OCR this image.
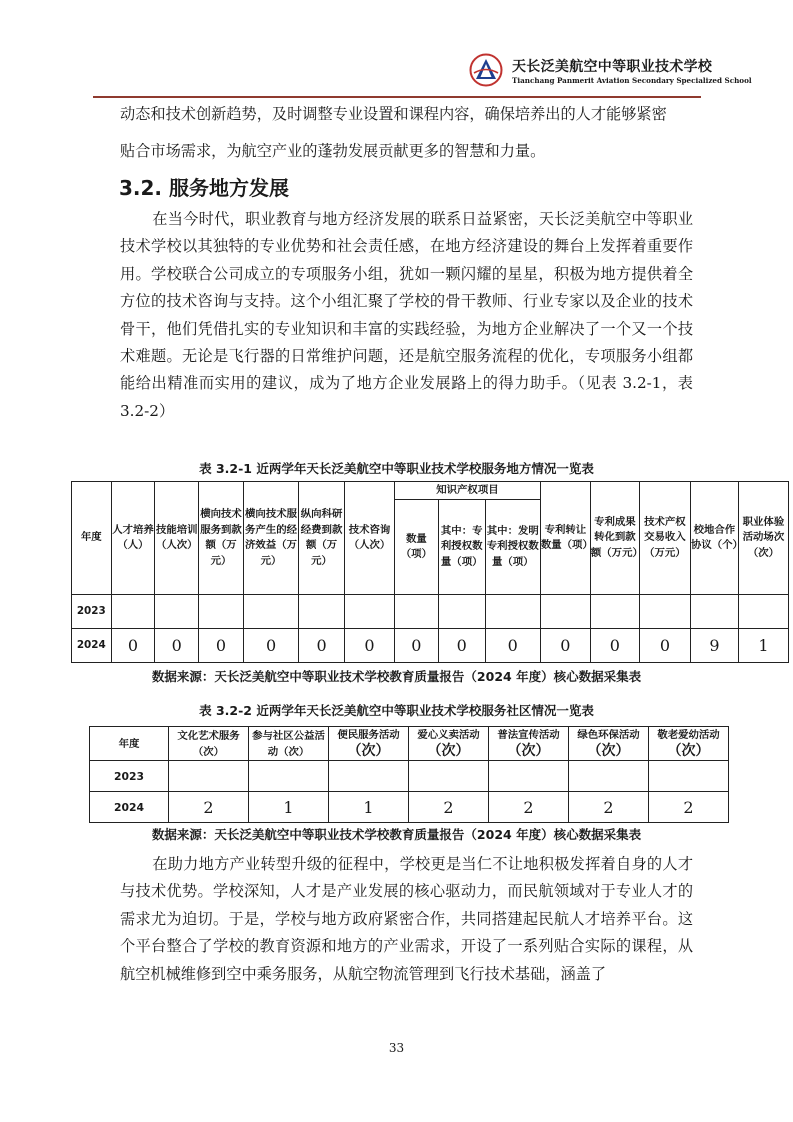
天长泛美航空中等职业技术学校
Tianchang Panmerit Aviation Secondary Specialized School

动态和技术创新趋势，及时调整专业设置和课程内容，确保培养出的人才能够紧密

贴合市场需求，为航空产业的蓬勃发展贡献更多的智慧和力量。

3.2. 服务地方发展

在当今时代，职业教育与地方经济发展的联系日益紧密，天长泛美航空中等职业技术学校以其独特的专业优势和社会责任感，在地方经济建设的舞台上发挥着重要作用。学校联合公司成立的专项服务小组，犹如一颗闪耀的星星，积极为地方提供着全方位的技术咨询与支持。这个小组汇聚了学校的骨干教师、行业专家以及企业的技术骨干，他们凭借扎实的专业知识和丰富的实践经验，为地方企业解决了一个又一个技术难题。无论是飞行器的日常维护问题，还是航空服务流程的优化，专项服务小组都能给出精准而实用的建议，成为了地方企业发展路上的得力助手。（见表 3.2-1，表 3.2-2）

表 3.2-1 近两学年天长泛美航空中等职业技术学校服务地方情况一览表
年度	人才培养（人）	技能培训（人次）	横向技术服务到款额（万元）	横向技术服务产生的经济效益（万元）	纵向科研经费到款额（万元）	技术咨询（人次）	知识产权项目			专利转让数量（项）	专利成果转化到款额（万元）	技术产权交易收入（万元）	校地合作协议（个）	职业体验活动场次（次）
							数量（项）	其中：专利授权数量（项）	其中：发明专利授权数量（项）					
2023														
2024	0	0	0	0	0	0	0	0	0	0	0	0	9	1
数据来源：天长泛美航空中等职业技术学校教育质量报告（2024 年度）核心数据采集表
表 3.2-2 近两学年天长泛美航空中等职业技术学校服务社区情况一览表
年度	文化艺术服务（次）	参与社区公益活动（次）	便民服务活动（次）	爱心义卖活动（次）	普法宣传活动（次）	绿色环保活动（次）	敬老爱幼活动（次）
2023							
2024	2	1	1	2	2	2	2
数据来源：天长泛美航空中等职业技术学校教育质量报告（2024 年度）核心数据采集表

在助力地方产业转型升级的征程中，学校更是当仁不让地积极发挥着自身的人才与技术优势。学校深知，人才是产业发展的核心驱动力，而民航领域对于专业人才的需求尤为迫切。于是，学校与地方政府紧密合作，共同搭建起民航人才培养平台。这个平台整合了学校的教育资源和地方的产业需求，开设了一系列贴合实际的课程，从航空机械维修到空中乘务服务，从航空物流管理到飞行技术基础，涵盖了

33
